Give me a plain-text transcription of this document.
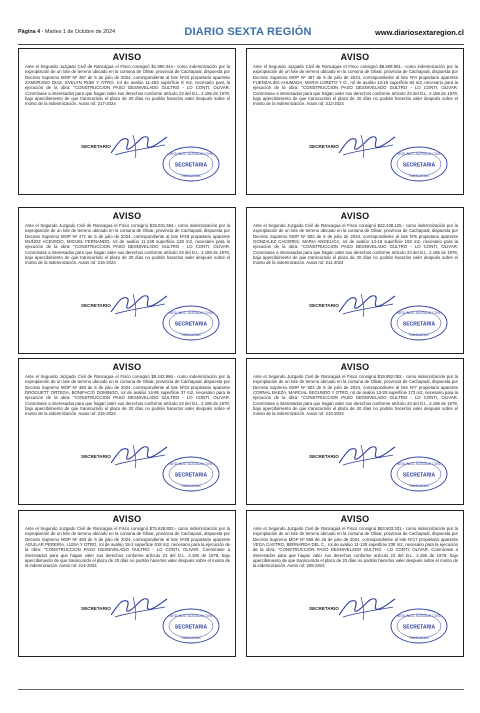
Página 4 - Martes 1 de Octubre de 2024	DIARIO SEXTA REGIÓN	www.diariosextaregion.cl
AVISO
Ante el Segundo Juzgado Civil de Rancagua el Fisco consignó $1.990.344.- como indemnización por la expropiación de un lote de terreno ubicado en la comuna de Olivar, provincia de Cachapoal, dispuesta por Decreto Supremo MOP Nº 487 de 5 de julio de 2024, correspondiente al lote Nº22 propietario aparente ZAMORANO DIAZ, EVELYN RUBI Y OTRO, rol de avalúo 11-253 superficie 8 m2, necesario para la ejecución de la obra: "CONSTRUCCION PASO DESNIVELADO GULTRO - LO CONTI, OLIVAR. Conmínase a interesados para que hagan valer sus derechos conforme artículo 23 del D.L. 2.186 de 1978, bajo apercibimiento de que transcurrido el plazo de 20 días no podrán hacerlos valer después sobre el monto de la indemnización. Autos rol: 217-2024
SECRETARIO
SEGUNDO JUZGADO CIVIL
SECRETARIA
RANCAGUA
AVISO
Ante el Segundo Juzgado Civil de Rancagua el Fisco consignó $8.508.851.- como indemnización por la expropiación de un lote de terreno ubicado en la comuna de Olivar, provincia de Cachapoal, dispuesta por Decreto Supremo MOP Nº 487 de 5 de julio de 2024, correspondiente al lote Nº4 propietario aparente FUENZALIDA AHUMADA, MARIA LORETO Y O., rol de avalúo 13-18 superficie 84 m2, necesario para la ejecución de la obra: "CONSTRUCCION PASO DESNIVELADO GULTRO - LO CONTI, OLIVAR. Conmínase a interesados para que hagan valer sus derechos conforme artículo 23 del D.L. 2.186 de 1978, bajo apercibimiento de que transcurrido el plazo de 20 días no podrán hacerlos valer después sobre el monto de la indemnización. Autos rol: 212-2024
SECRETARIO
SEGUNDO JUZGADO CIVIL
SECRETARIA
RANCAGUA
AVISO
Ante el Segundo Juzgado Civil de Rancagua el Fisco consignó $19.031.554.- como indemnización por la expropiación de un lote de terreno ubicado en la comuna de Olivar, provincia de Cachapoal, dispuesta por Decreto Supremo MOP Nº 471 de 5 de julio de 2024, correspondiente al lote Nº18 propietario aparente MUÑOZ ACEVEDO, MIGUEL FERNANDO, rol de avalúo 11-248 superficie 128 m2, necesario para la ejecución de la obra: "CONSTRUCCION PASO DESNIVELADO GULTRO - LO CONTI, OLIVAR. Conmínase a interesados para que hagan valer sus derechos conforme artículo 23 del D.L. 2.186 de 1978, bajo apercibimiento de que transcurrido el plazo de 20 días no podrán hacerlos valer después sobre el monto de la indemnización. Autos rol: 216-2024
SECRETARIO
SEGUNDO JUZGADO CIVIL
SECRETARIA
RANCAGUA
AVISO
Ante el Segundo Juzgado Civil de Rancagua el Fisco consignó $22.438.125.- como indemnización por la expropiación de un lote de terreno ubicado en la comuna de Olivar, provincia de Cachapoal, dispuesta por Decreto Supremo MOP Nº 502 de 5 de julio de 2024, correspondiente al lote Nº5 propietario aparente GONZALEZ CACERES, MARIA ANGELICA, rol de avalúo 13-18 superficie 182 m2, necesario para la ejecución de la obra: "CONSTRUCCION PASO DESNIVELADO GULTRO - LO CONTI, OLIVAR. Conmínase a interesados para que hagan valer sus derechos conforme artículo 23 del D.L. 2.186 de 1978, bajo apercibimiento de que transcurrido el plazo de 20 días no podrán hacerlos valer después sobre el monto de la indemnización. Autos rol: 211-2024
SECRETARIO
SEGUNDO JUZGADO CIVIL
SECRETARIA
RANCAGUA
AVISO
Ante el Segundo Juzgado Civil de Rancagua el Fisco consignó $5.442.966.- como indemnización por la expropiación de un lote de terreno ubicado en la comuna de Olivar, provincia de Cachapoal, dispuesta por Decreto Supremo MOP Nº 483 de 5 de julio de 2024, correspondiente al lote Nº24 propietario aparente DROGUETT ORTEGA, BONIFACIO DOMINGO, rol de avalúo 14-95 superficie 37 m2, necesario para la ejecución de la obra: "CONSTRUCCION PASO DESNIVELADO GULTRO - LO CONTI, OLIVAR. Conmínase a interesados para que hagan valer sus derechos conforme artículo 23 del D.L. 2.186 de 1978, bajo apercibimiento de que transcurrido el plazo de 20 días no podrán hacerlos valer después sobre el monto de la indemnización. Autos rol: 215-2024
SECRETARIO
SEGUNDO JUZGADO CIVIL
SECRETARIA
RANCAGUA
AVISO
Ante el Segundo Juzgado Civil de Rancagua el Fisco consignó $19.892.062.- como indemnización por la expropiación de un lote de terreno ubicado en la comuna de Olivar, provincia de Cachapoal, dispuesta por Decreto Supremo MOP Nº 502 de 5 de julio de 2024, correspondiente al lote Nº7 propietario aparente CORNAL BAEZA, MARCIAL SEGUNDO Y OTRO, rol de avalúo 13-20 superficie 173 m2, necesario para la ejecución de la obra: "CONSTRUCCION PASO DESNIVELADO GULTRO - LO CONTI, OLIVAR. Conmínase a interesados para que hagan valer sus derechos conforme artículo 23 del D.L. 2.186 de 1978, bajo apercibimiento de que transcurrido el plazo de 20 días no podrán hacerlos valer después sobre el monto de la indemnización. Autos rol: 210-2024
SECRETARIO
SEGUNDO JUZGADO CIVIL
SECRETARIA
RANCAGUA
AVISO
Ante el Segundo Juzgado Civil de Rancagua el Fisco consignó $75.628.803.- como indemnización por la expropiación de un lote de terreno ubicado en la comuna de Olivar, provincia de Cachapoal, dispuesta por Decreto Supremo MOP Nº 493 de 5 de julio de 2024, correspondiente al lote Nº28 propietario aparente AGUILAR PEREIRA, LUISA Y OTRO, rol de avalúo 15-2 superficie 518 m2, necesario para la ejecución de la obra: "CONSTRUCCION PASO DESNIVELADO GULTRO - LO CONTI, OLIVAR. Conmínase a interesados para que hagan valer sus derechos conforme artículo 23 del D.L. 2.186 de 1978, bajo apercibimiento de que transcurrido el plazo de 20 días no podrán hacerlos valer después sobre el monto de la indemnización. Autos rol: 214-2024
SECRETARIO
SEGUNDO JUZGADO CIVIL
SECRETARIA
RANCAGUA
AVISO
Ante el Segundo Juzgado Civil de Rancagua el Fisco consignó $93.503.331.- como indemnización por la expropiación de un lote de terreno ubicado en la comuna de Olivar, provincia de Cachapoal, dispuesta por Decreto Supremo MOP Nº 556 de 26 de julio de 2024, correspondiente al lote Nº17 propietario aparente VEGA CASTRO, BERNARDA DEL C., rol de avalúo 11-130 superficie 238 m2, necesario para la ejecución de la obra: "CONSTRUCCION PASO DESNIVELADO GULTRO - LO CONTI, OLIVAR. Conmínase a interesados para que hagan valer sus derechos conforme artículo 23 del D.L. 2.186 de 1978, bajo apercibimiento de que transcurrido el plazo de 20 días no podrán hacerlos valer después sobre el monto de la indemnización. Autos rol: 208-2024
SECRETARIO
SEGUNDO JUZGADO CIVIL
SECRETARIA
RANCAGUA
